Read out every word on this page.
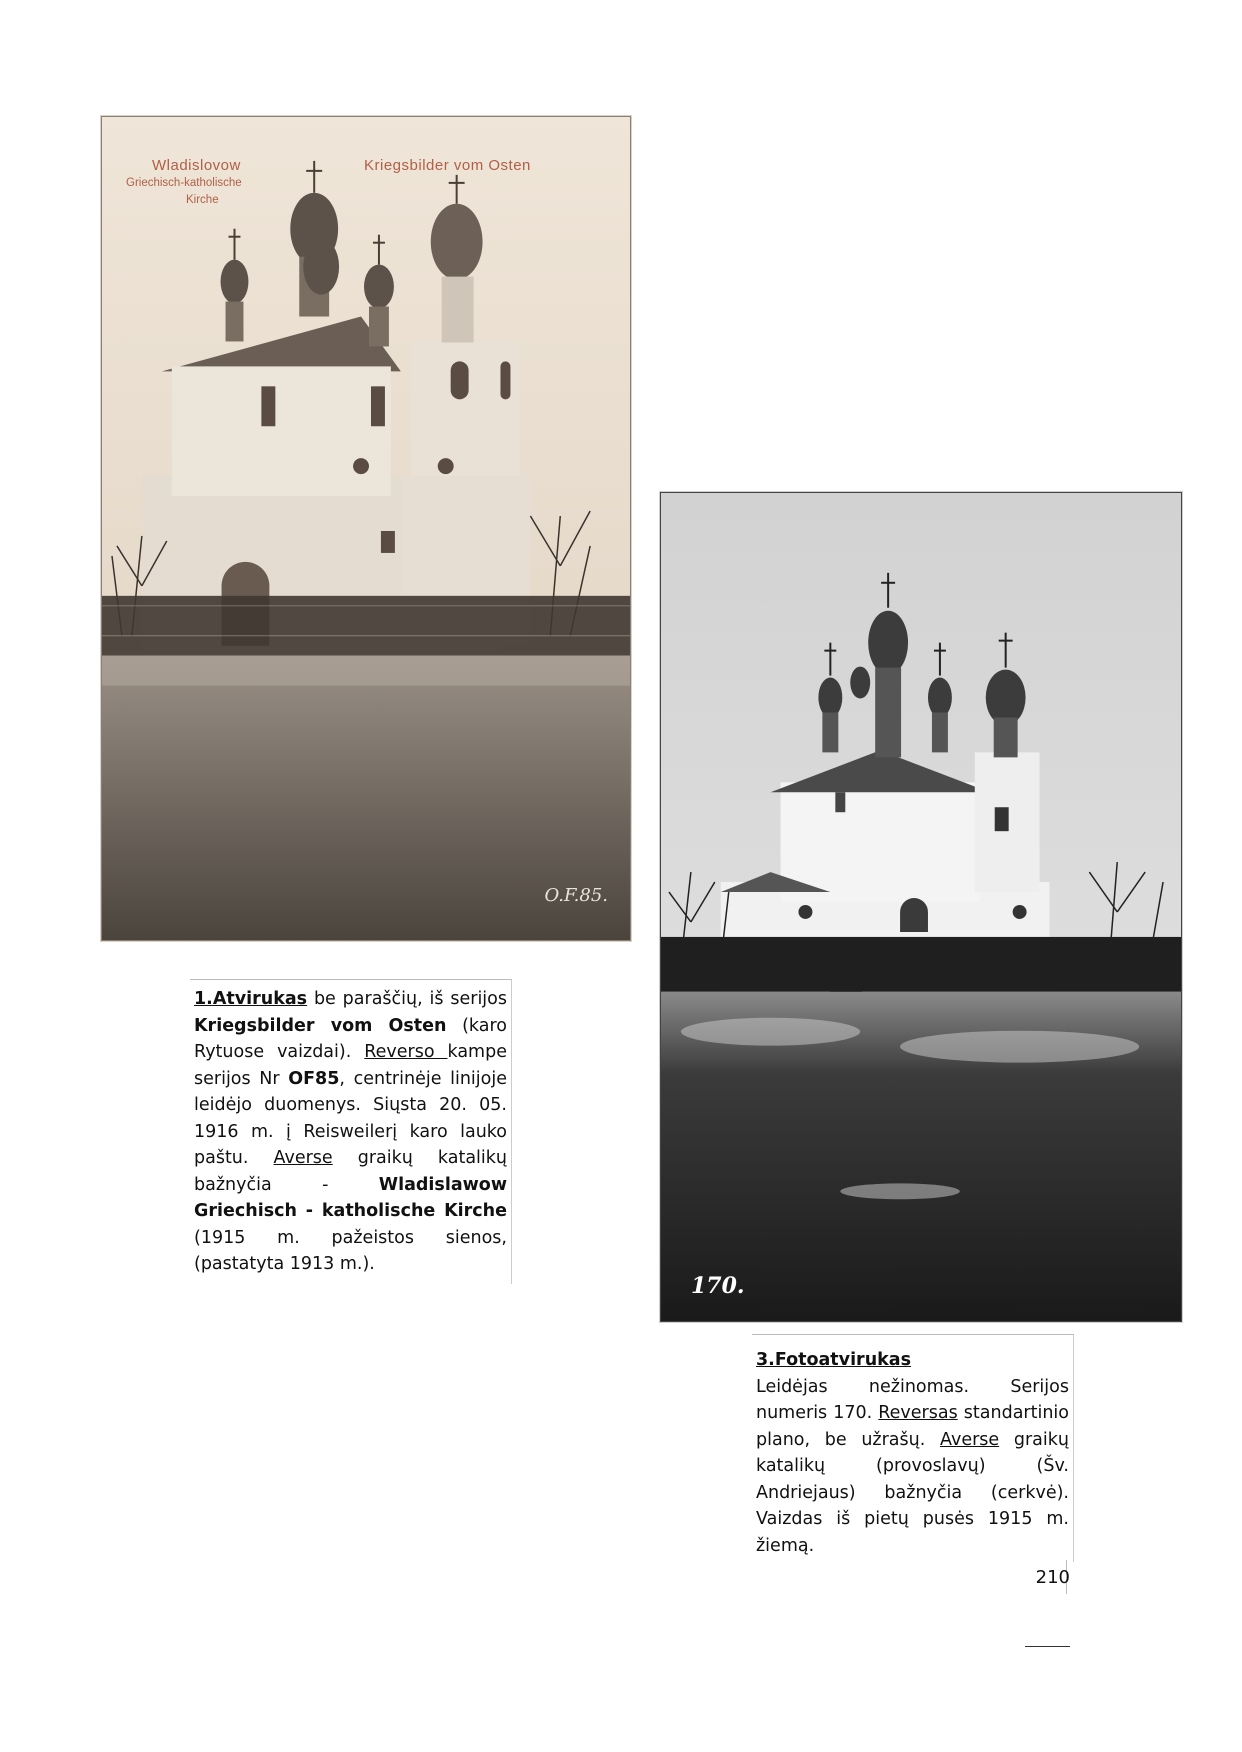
Wladislovow
Griechisch-katholische
Kirche
Kriegsbilder vom Osten
O.F.85.
170.

1.Atvirukas be parašč​ių, iš serijos Kriegsbilder vom Osten (karo Rytuose vaizdai). Reverso kampe serijos Nr OF85, centrinėje linijoje leidėjo duomenys. Siųsta 20. 05. 1916 m. į Reisweilerį karo lauko paštu. Averse graikų katalikų bažnyčia - Wladislawow Griechisch - katholische Kirche (1915 m. pažeistos sienos, (pastatyta 1913 m.).

3.Fotoatvirukas
Leidėjas nežinomas. Serijos numeris 170. Reversas standartinio plano, be užrašų. Averse graikų katalikų (provoslavų) (Šv. Andriejaus) bažnyčia (cerkvė). Vaizdas iš pietų pusės 1915 m. žiemą.

210
